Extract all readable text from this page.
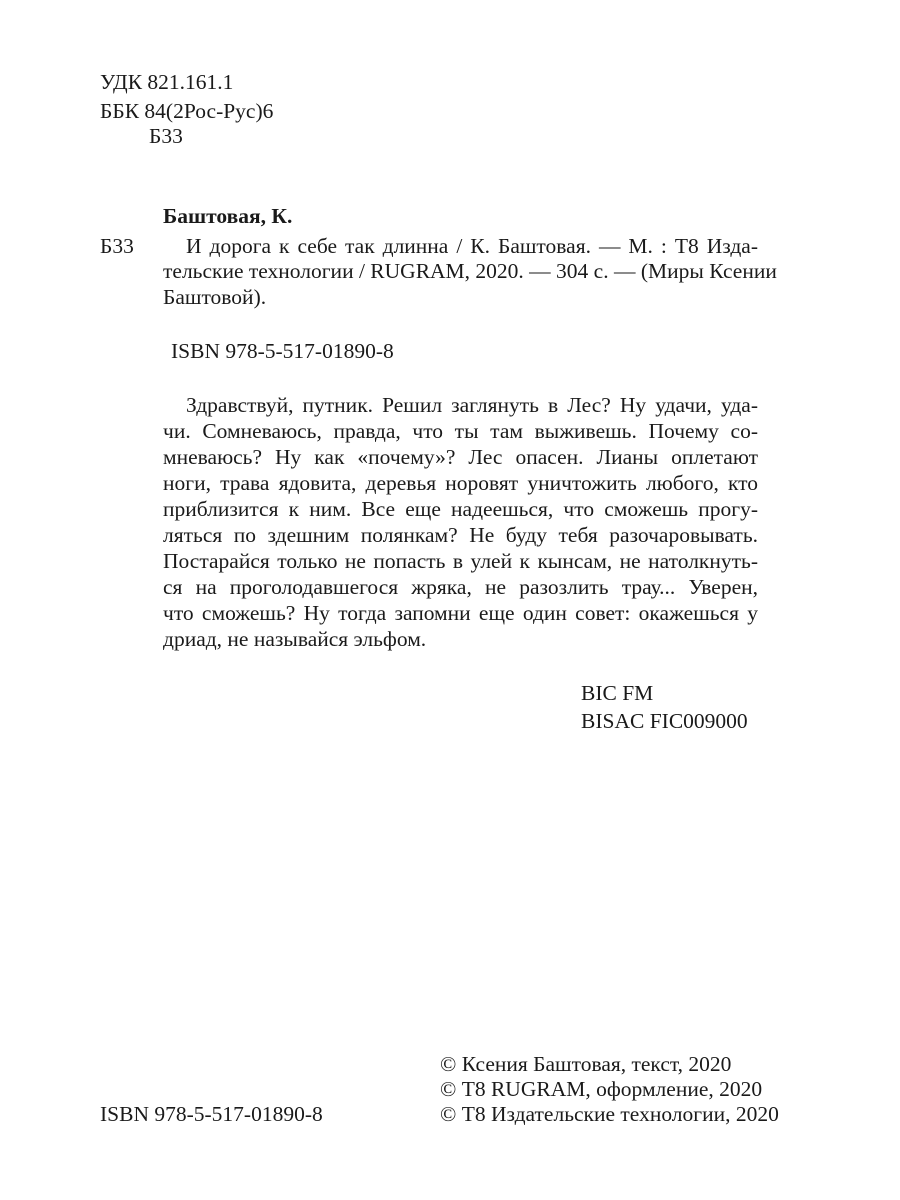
УДК 821.161.1
ББК 84(2Рос-Рус)6
Б33
Баштовая, К.
Б33 И дорога к себе так длинна / К. Баштовая. — М. : Т8 Изда-
тельские технологии / RUGRAM, 2020. — 304 с. — (Миры Ксении
Баштовой).
ISBN 978-5-517-01890-8
Здравствуй, путник. Решил заглянуть в Лес? Ну удачи, уда-
чи. Сомневаюсь, правда, что ты там выживешь. Почему со-
мневаюсь? Ну как «почему»? Лес опасен. Лианы оплетают
ноги, трава ядовита, деревья норовят уничтожить любого, кто
приблизится к ним. Все еще надеешься, что сможешь прогу-
ляться по здешним полянкам? Не буду тебя разочаровывать.
Постарайся только не попасть в улей к кынсам, не натолкнуть-
ся на проголодавшегося жряка, не разозлить трау... Уверен,
что сможешь? Ну тогда запомни еще один совет: окажешься у
дриад, не называйся эльфом.
BIC FM
BISAC FIC009000
ISBN 978-5-517-01890-8
© Ксения Баштовая, текст, 2020
© Т8 RUGRAM, оформление, 2020
© Т8 Издательские технологии, 2020
